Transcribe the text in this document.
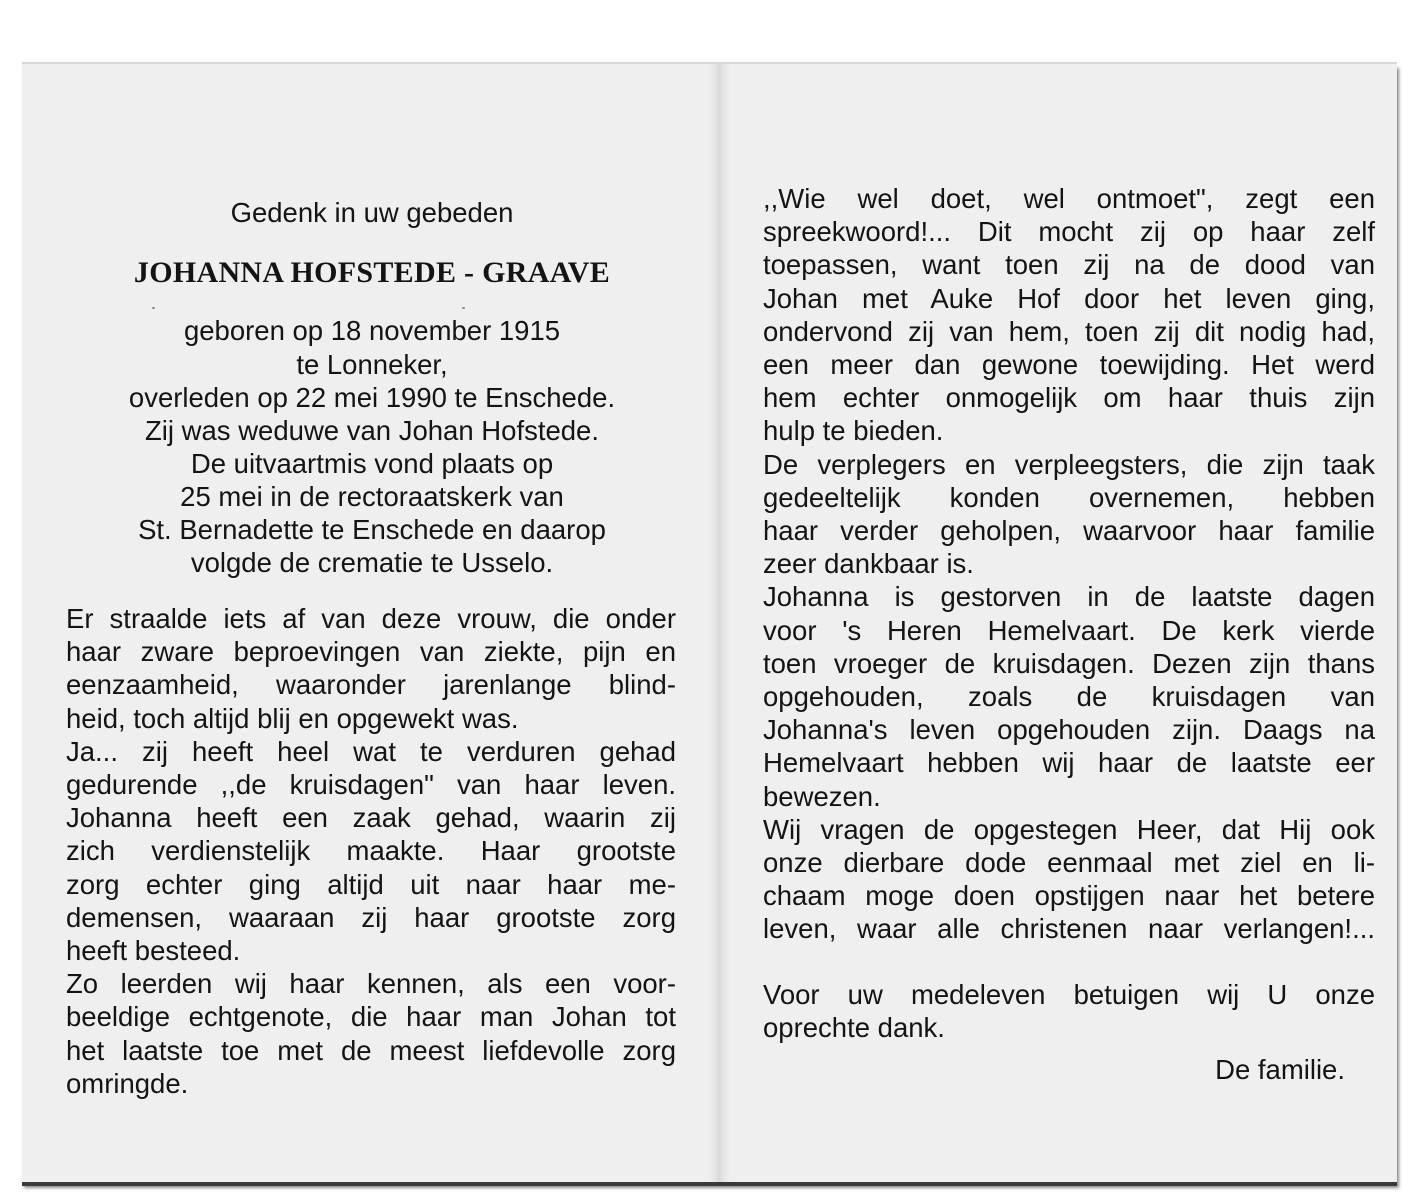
Gedenk in uw gebeden
JOHANNA HOFSTEDE - GRAAVE
geboren op 18 november 1915
te Lonneker,
overleden op 22 mei 1990 te Enschede.
Zij was weduwe van Johan Hofstede.
De uitvaartmis vond plaats op
25 mei in de rectoraatskerk van
St. Bernadette te Enschede en daarop
volgde de crematie te Usselo.
Er straalde iets af van deze vrouw, die onder
haar zware beproevingen van ziekte, pijn en
eenzaamheid, waaronder jarenlange blind-
heid, toch altijd blij en opgewekt was.
Ja... zij heeft heel wat te verduren gehad
gedurende ,,de kruisdagen" van haar leven.
Johanna heeft een zaak gehad, waarin zij
zich verdienstelijk maakte. Haar grootste
zorg echter ging altijd uit naar haar me-
demensen, waaraan zij haar grootste zorg
heeft besteed.
Zo leerden wij haar kennen, als een voor-
beeldige echtgenote, die haar man Johan tot
het laatste toe met de meest liefdevolle zorg
omringde.
,,Wie wel doet, wel ontmoet", zegt een
spreekwoord!... Dit mocht zij op haar zelf
toepassen, want toen zij na de dood van
Johan met Auke Hof door het leven ging,
ondervond zij van hem, toen zij dit nodig had,
een meer dan gewone toewijding. Het werd
hem echter onmogelijk om haar thuis zijn
hulp te bieden.
De verplegers en verpleegsters, die zijn taak
gedeeltelijk konden overnemen, hebben
haar verder geholpen, waarvoor haar familie
zeer dankbaar is.
Johanna is gestorven in de laatste dagen
voor 's Heren Hemelvaart. De kerk vierde
toen vroeger de kruisdagen. Dezen zijn thans
opgehouden, zoals de kruisdagen van
Johanna's leven opgehouden zijn. Daags na
Hemelvaart hebben wij haar de laatste eer
bewezen.
Wij vragen de opgestegen Heer, dat Hij ook
onze dierbare dode eenmaal met ziel en li-
chaam moge doen opstijgen naar het betere
leven, waar alle christenen naar verlangen!...
Voor uw medeleven betuigen wij U onze
oprechte dank.
De familie.
